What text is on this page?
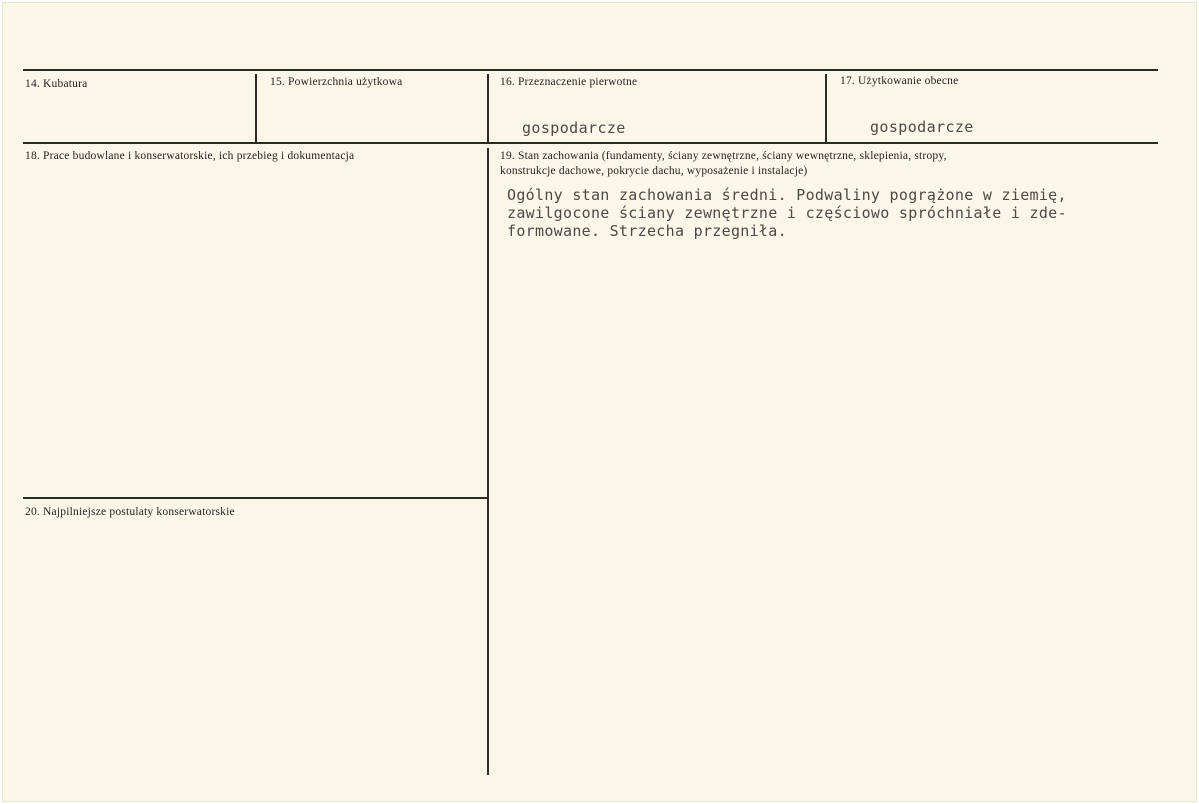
14. Kubatura	15. Powierzchnia użytkowa	16. Przeznaczenie pierwotne
gospodarcze
17. Użytkowanie obecne
gospodarcze
18. Prace budowlane i konserwatorskie, ich przebieg i dokumentacja	19. Stan zachowania (fundamenty, ściany zewnętrzne, ściany wewnętrzne, sklepienia, stropy,
konstrukcje dachowe, pokrycie dachu, wyposażenie i instalacje)
Ogólny stan zachowania średni. Podwaliny pogrążone w ziemię,
zawilgocone ściany zewnętrzne i częściowo spróchniałe i zde-
formowane. Strzecha przegniła.
20. Najpilniejsze postulaty konserwatorskie
